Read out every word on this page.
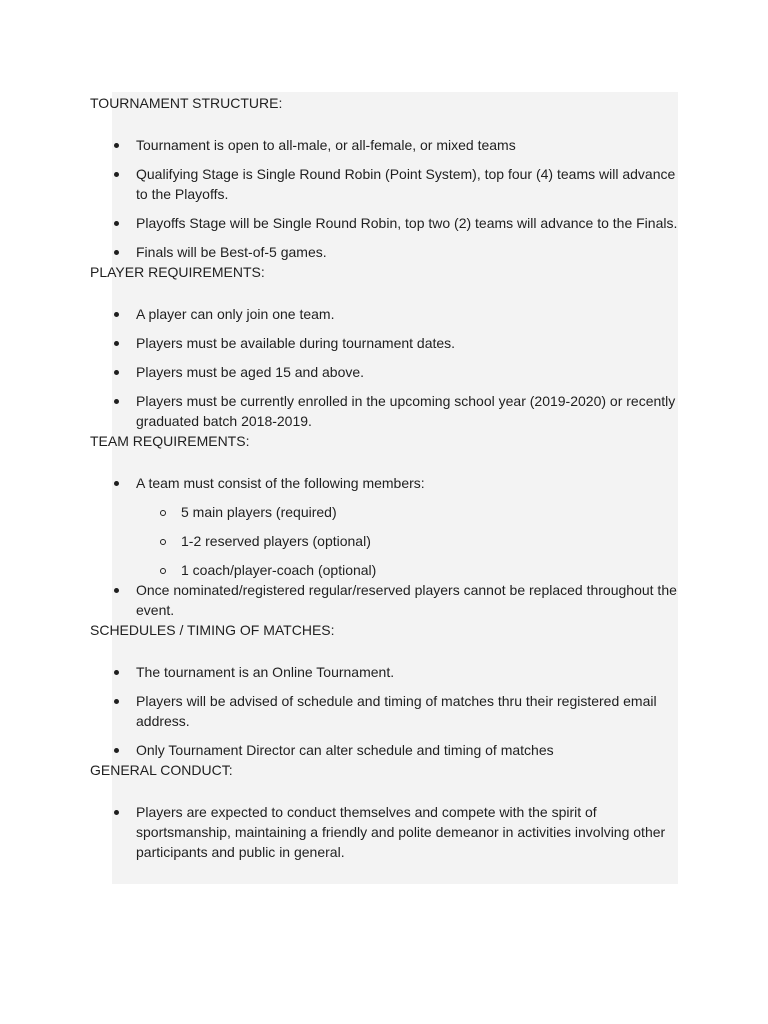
TOURNAMENT STRUCTURE:

Tournament is open to all-male, or all-female, or mixed teams
Qualifying Stage is Single Round Robin (Point System), top four (4) teams will advance to the Playoffs.
Playoffs Stage will be Single Round Robin, top two (2) teams will advance to the Finals.
Finals will be Best-of-5 games.

PLAYER REQUIREMENTS:

A player can only join one team.
Players must be available during tournament dates.
Players must be aged 15 and above.
Players must be currently enrolled in the upcoming school year (2019-2020) or recently graduated batch 2018-2019.

TEAM REQUIREMENTS:

A team must consist of the following members:
5 main players (required)
1-2 reserved players (optional)
1 coach/player-coach (optional)
Once nominated/registered regular/reserved players cannot be replaced throughout the event.

SCHEDULES / TIMING OF MATCHES:

The tournament is an Online Tournament.
Players will be advised of schedule and timing of matches thru their registered email address.
Only Tournament Director can alter schedule and timing of matches

GENERAL CONDUCT:

Players are expected to conduct themselves and compete with the spirit of sportsmanship, maintaining a friendly and polite demeanor in activities involving other participants and public in general.
